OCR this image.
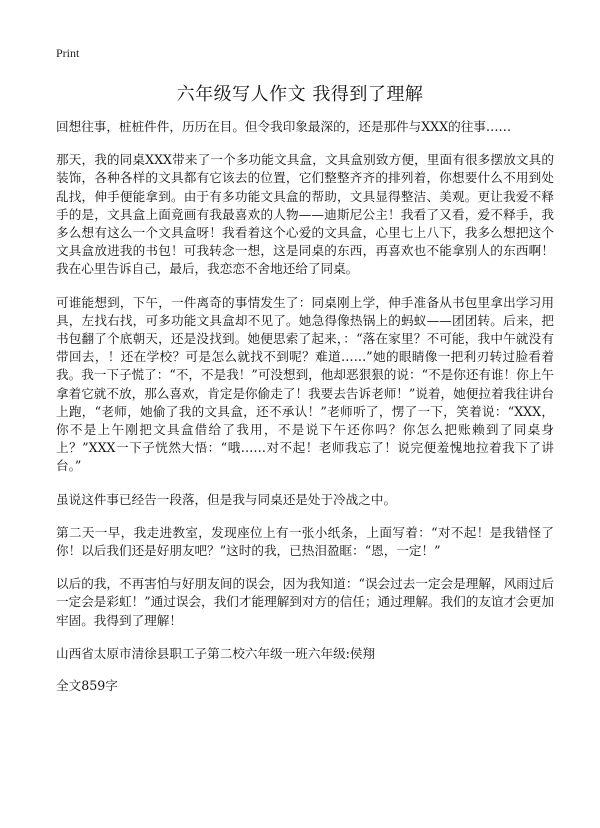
Print
六年级写人作文 我得到了理解

回想往事，桩桩件件，历历在目。但令我印象最深的，还是那件与XXX的往事……

那天，我的同桌XXX带来了一个多功能文具盒，文具盒别致方便，里面有很多摆放文具的装饰，各种各样的文具都有它该去的位置，它们整整齐齐的排列着，你想要什么不用到处乱找，伸手便能拿到。由于有多功能文具盒的帮助，文具显得整洁、美观。更让我爱不释手的是，文具盒上面竟画有我最喜欢的人物——迪斯尼公主！我看了又看，爱不释手，我多么想有这么一个文具盒呀！我看着这个心爱的文具盒，心里七上八下，我多么想把这个文具盒放进我的书包！可我转念一想，这是同桌的东西，再喜欢也不能拿别人的东西啊！我在心里告诉自己，最后，我恋恋不舍地还给了同桌。

可谁能想到，下午，一件离奇的事情发生了：同桌刚上学，伸手准备从书包里拿出学习用具，左找右找，可多功能文具盒却不见了。她急得像热锅上的蚂蚁——团团转。后来，把书包翻了个底朝天，还是没找到。她便思索了起来，：“落在家里？不可能，我中午就没有带回去，！还在学校？可是怎么就找不到呢？难道……”她的眼睛像一把利刃转过脸看着我。我一下子慌了：“不，不是我！”可没想到，他却恶狠狠的说：“不是你还有谁！你上午拿着它就不放，那么喜欢，肯定是你偷走了！我要去告诉老师！”说着，她便拉着我往讲台上跑，“老师，她偷了我的文具盒，还不承认！”老师听了，愣了一下，笑着说：“XXX，你不是上午刚把文具盒借给了我用，不是说下午还你吗？你怎么把账赖到了同桌身上？”XXX一下子恍然大悟：“哦……对不起！老师我忘了！说完便羞愧地拉着我下了讲台。”

虽说这件事已经告一段落，但是我与同桌还是处于冷战之中。

第二天一早，我走进教室，发现座位上有一张小纸条，上面写着：“对不起！是我错怪了你！以后我们还是好朋友吧？”这时的我，已热泪盈眶：“恩，一定！”

以后的我，不再害怕与好朋友间的误会，因为我知道：“误会过去一定会是理解，风雨过后一定会是彩虹！”通过误会，我们才能理解到对方的信任；通过理解。我们的友谊才会更加牢固。我得到了理解！

山西省太原市清徐县职工子第二校六年级一班六年级:侯翔

全文859字
